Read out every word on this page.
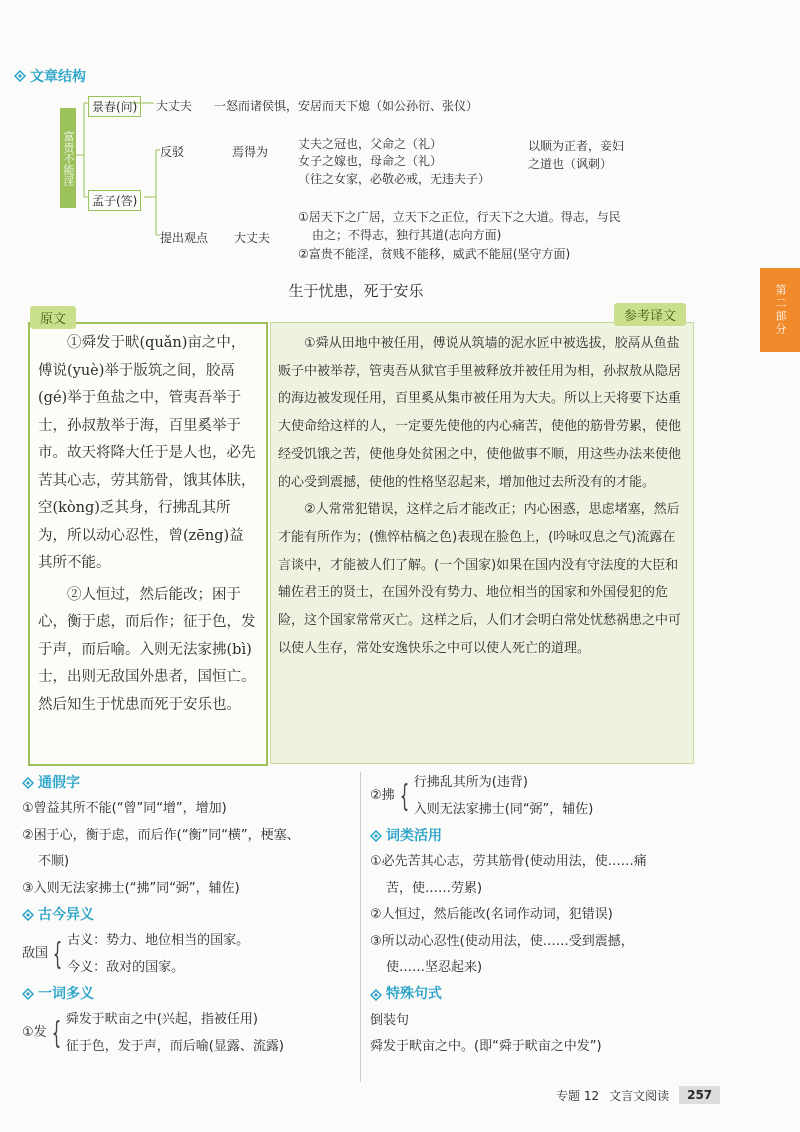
文章结构
富贵不能淫
景春(问)	大丈夫 一怒而诸侯惧，安居而天下熄（如公孙衍、张仪）
孟子(答)
反驳	焉得为
丈夫之冠也，父命之（礼）
女子之嫁也，母命之（礼）
（往之女家，必敬必戒，无违夫子）
以顺为正者，妾妇
之道也（讽刺）
提出观点 大丈夫
①居天下之广居，立天下之正位，行天下之大道。得志，与民
由之；不得志，独行其道(志向方面)
②富贵不能淫，贫贱不能移，威武不能屈(坚守方面)
第二部分
生于忧患，死于安乐
原文	参考译文

①舜发于畎(quǎn)亩之中，傅说(yuè)举于版筑之间，胶鬲(gé)举于鱼盐之中，管夷吾举于士，孙叔敖举于海，百里奚举于市。故天将降大任于是人也，必先苦其心志，劳其筋骨，饿其体肤，空(kòng)乏其身，行拂乱其所为，所以动心忍性，曾(zēng)益其所不能。

②人恒过，然后能改；困于心，衡于虑，而后作；征于色，发于声，而后喻。入则无法家拂(bì)士，出则无敌国外患者，国恒亡。然后知生于忧患而死于安乐也。

①舜从田地中被任用，傅说从筑墙的泥水匠中被选拔，胶鬲从鱼盐贩子中被举荐，管夷吾从狱官手里被释放并被任用为相，孙叔敖从隐居的海边被发现任用，百里奚从集市被任用为大夫。所以上天将要下达重大使命给这样的人，一定要先使他的内心痛苦，使他的筋骨劳累，使他经受饥饿之苦，使他身处贫困之中，使他做事不顺，用这些办法来使他的心受到震撼，使他的性格坚忍起来，增加他过去所没有的才能。

②人常常犯错误，这样之后才能改正；内心困惑，思虑堵塞，然后才能有所作为；(憔悴枯槁之色)表现在脸色上，(吟咏叹息之气)流露在言谈中，才能被人们了解。(一个国家)如果在国内没有守法度的大臣和辅佐君王的贤士，在国外没有势力、地位相当的国家和外国侵犯的危险，这个国家常常灭亡。这样之后，人们才会明白常处忧愁祸患之中可以使人生存，常处安逸快乐之中可以使人死亡的道理。

通假字

①曾益其所不能(“曾”同“增”，增加)

②困于心，衡于虑，而后作(“衡”同“横”，梗塞、

不顺)

③入则无法家拂士(“拂”同“弼”，辅佐)

古今异义
敌国 { 古义：势力、地位相当的国家。

今义：敌对的国家。

一词多义
①发 { 舜发于畎亩之中(兴起，指被任用)

征于色，发于声，而后喻(显露、流露)

②拂 { 行拂乱其所为(违背)

入则无法家拂士(同“弼”，辅佐)

词类活用

①必先苦其心志，劳其筋骨(使动用法，使……痛

苦，使……劳累)

②人恒过，然后能改(名词作动词，犯错误)

③所以动心忍性(使动用法，使……受到震撼，

使……坚忍起来)

特殊句式

倒装句

舜发于畎亩之中。(即“舜于畎亩之中发”)

专题 12 文言文阅读	257
